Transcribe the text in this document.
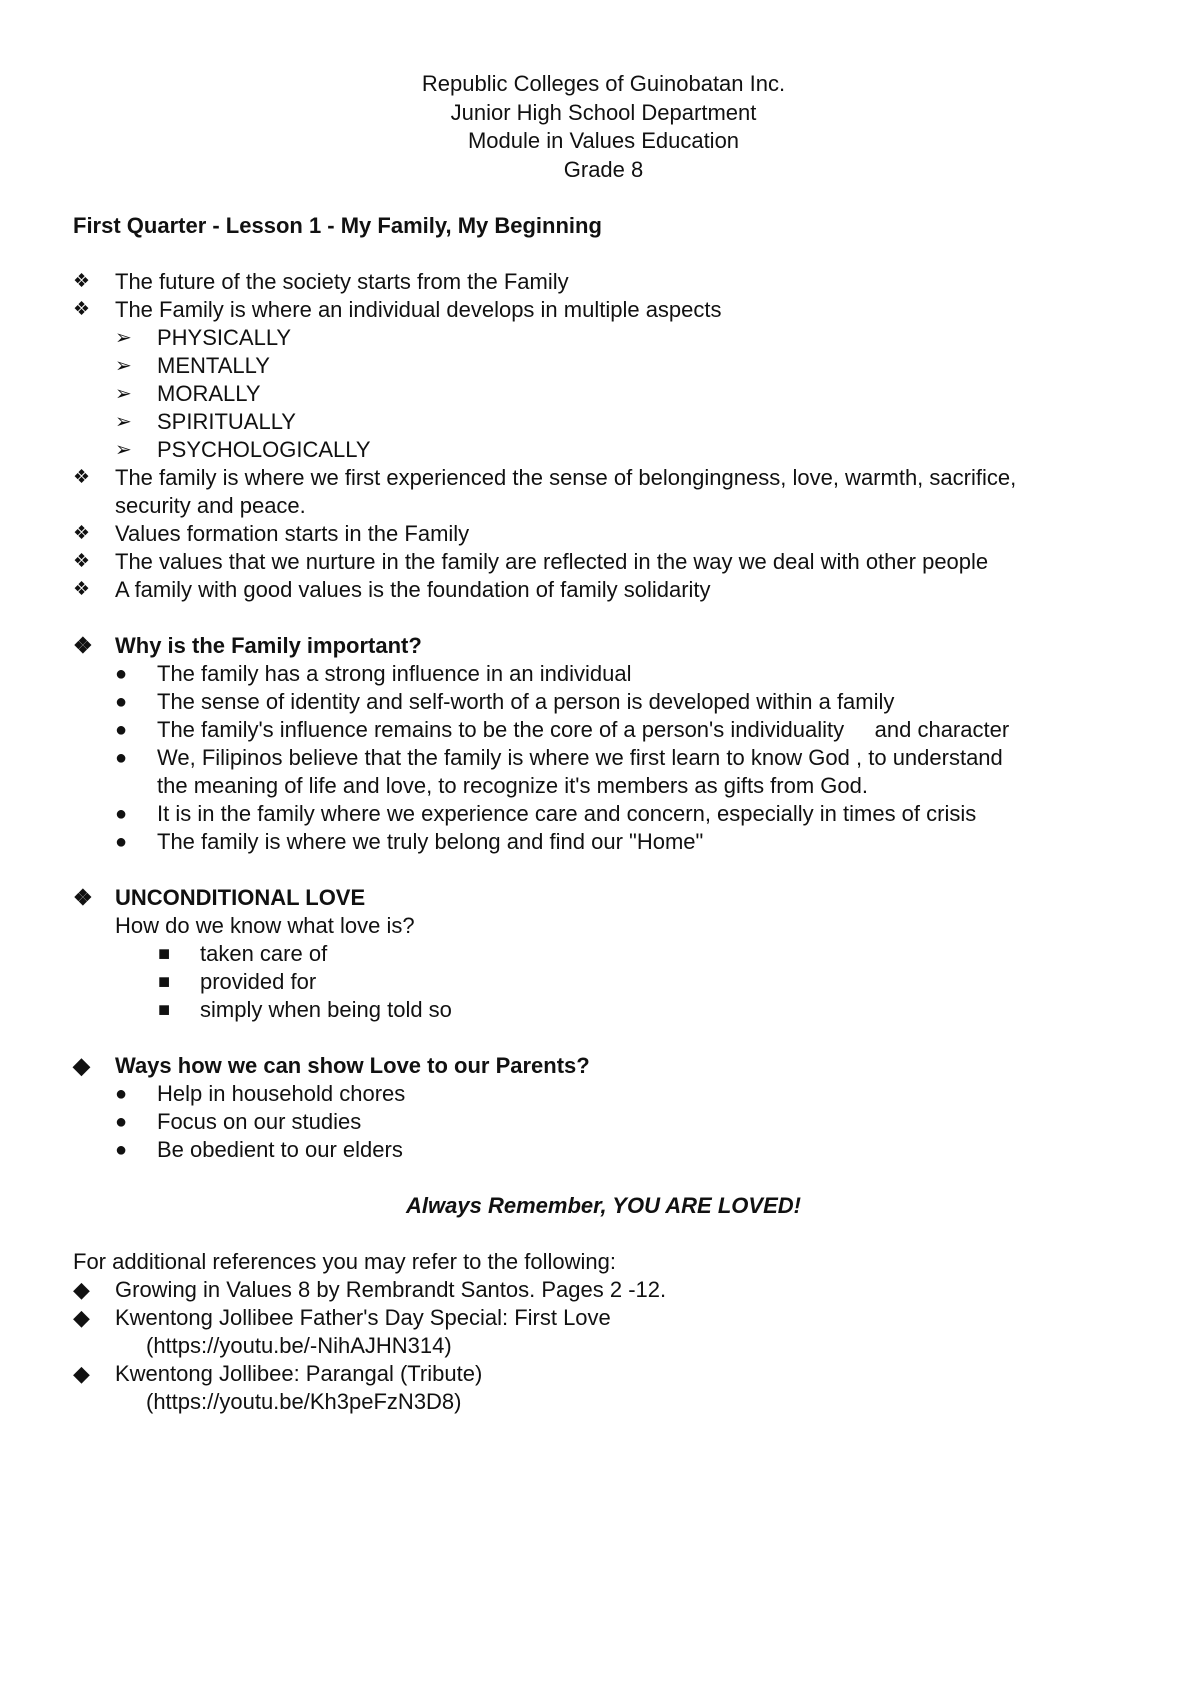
Republic Colleges of Guinobatan Inc.
Junior High School Department
Module in Values Education
Grade 8
First Quarter - Lesson 1 - My Family, My Beginning
❖	The future of the society starts from the Family
❖	The Family is where an individual develops in multiple aspects
➢	PHYSICALLY
➢	MENTALLY
➢	MORALLY
➢	SPIRITUALLY
➢	PSYCHOLOGICALLY
❖	The family is where we first experienced the sense of belongingness, love, warmth, sacrifice,
security and peace.
❖	Values formation starts in the Family
❖	The values that we nurture in the family are reflected in the way we deal with other people
❖	A family with good values is the foundation of family solidarity
❖	Why is the Family important?
●	The family has a strong influence in an individual
●	The sense of identity and self-worth of a person is developed within a family
●	The family's influence remains to be the core of a person's individuality     and character
●	We, Filipinos believe that the family is where we first learn to know God , to understand
the meaning of life and love, to recognize it's members as gifts from God.
●	It is in the family where we experience care and concern, especially in times of crisis
●	The family is where we truly belong and find our "Home"
❖	UNCONDITIONAL LOVE
How do we know what love is?
■	taken care of
■	provided for
■	simply when being told so
◆	Ways how we can show Love to our Parents?
●	Help in household chores
●	Focus on our studies
●	Be obedient to our elders
Always Remember, YOU ARE LOVED!
For additional references you may refer to the following:
◆	Growing in Values 8 by Rembrandt Santos. Pages 2 -12.
◆	Kwentong Jollibee Father's Day Special: First Love
(https://youtu.be/-NihAJHN314)
◆	Kwentong Jollibee: Parangal (Tribute)
(https://youtu.be/Kh3peFzN3D8)
